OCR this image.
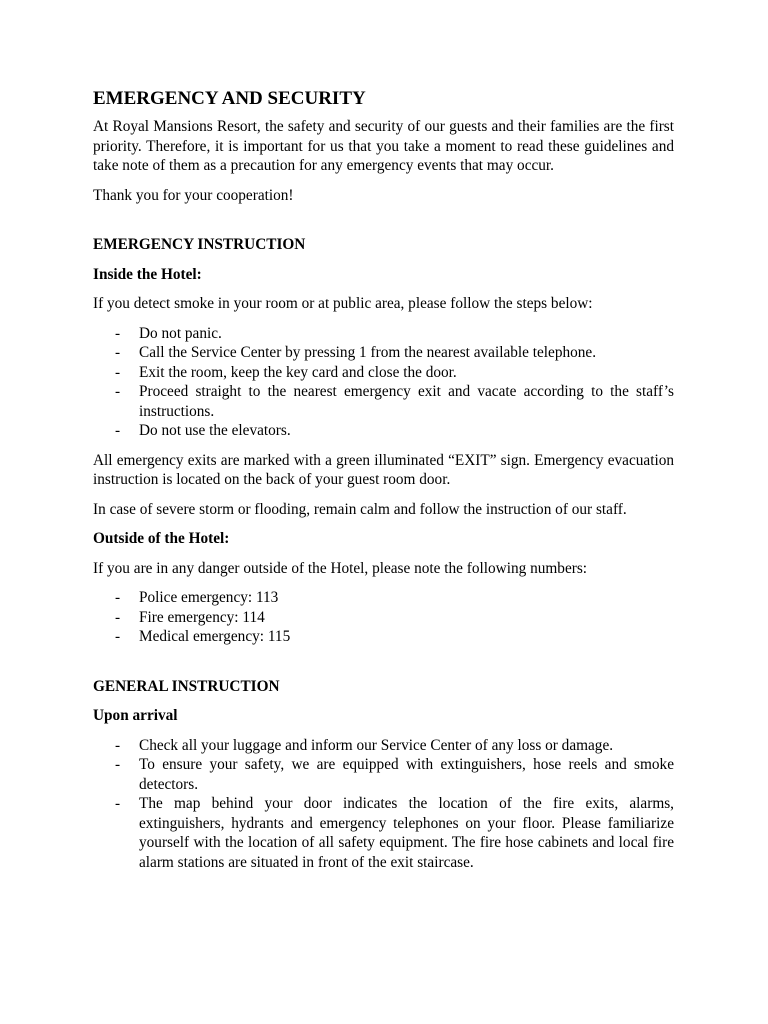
EMERGENCY AND SECURITY

At Royal Mansions Resort, the safety and security of our guests and their families are the first priority. Therefore, it is important for us that you take a moment to read these guidelines and take note of them as a precaution for any emergency events that may occur.

Thank you for your cooperation!

EMERGENCY INSTRUCTION

Inside the Hotel:

If you detect smoke in your room or at public area, please follow the steps below:

- Do not panic.
- Call the Service Center by pressing 1 from the nearest available telephone.
- Exit the room, keep the key card and close the door.
- Proceed straight to the nearest emergency exit and vacate according to the staff’s instructions.
- Do not use the elevators.

All emergency exits are marked with a green illuminated “EXIT” sign. Emergency evacuation instruction is located on the back of your guest room door.

In case of severe storm or flooding, remain calm and follow the instruction of our staff.

Outside of the Hotel:

If you are in any danger outside of the Hotel, please note the following numbers:

- Police emergency: 113
- Fire emergency: 114
- Medical emergency: 115

GENERAL INSTRUCTION

Upon arrival

- Check all your luggage and inform our Service Center of any loss or damage.
- To ensure your safety, we are equipped with extinguishers, hose reels and smoke detectors.
- The map behind your door indicates the location of the fire exits, alarms, extinguishers, hydrants and emergency telephones on your floor. Please familiarize yourself with the location of all safety equipment. The fire hose cabinets and local fire alarm stations are situated in front of the exit staircase.
